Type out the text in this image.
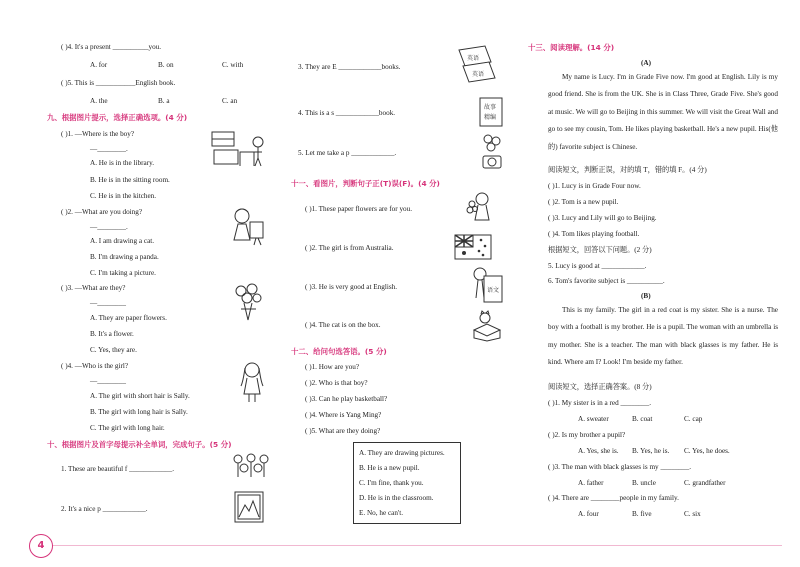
( )4. It's a present __________you.
A. for	B. on	C. with
( )5. This is ___________English book.
A. the	B. a	C. an
九、根据图片提示，选择正确选项。(4 分)
( )1. —Where is the boy?
—________.
A. He is in the library.
B. He is in the sitting room.
C. He is in the kitchen.
( )2. —What are you doing?
—________.
A. I am drawing a cat.
B. I'm drawing a panda.
C. I'm taking a picture.
( )3. —What are they?
—________
A. They are paper flowers.
B. It's a flower.
C. Yes, they are.
( )4. —Who is the girl?
—________
A. The girl with short hair is Sally.
B. The girl with long hair is Sally.
C. The girl with long hair.
十、根据图片及首字母提示补全单词，完成句子。(5 分)
1. These are beautiful f ____________.
2. It's a nice p ____________.
3. They are E ____________books.
4. This is a s ____________book.
5. Let me take a p ____________.
英语
英语
故事
精编
十一、看图片，判断句子正(T)误(F)。(4 分)
( )1. These paper flowers are for you.
( )2. The girl is from Australia.
( )3. He is very good at English.
( )4. The cat is on the box.
语文
十二、给问句选答语。(5 分)
( )1. How are you?
( )2. Who is that boy?
( )3. Can he play basketball?
( )4. Where is Yang Ming?
( )5. What are they doing?
A. They are drawing pictures.
B. He is a new pupil.
C. I'm fine, thank you.
D. He is in the classroom.
E. No, he can't.
十三、阅读理解。(14 分)
(A)
My name is Lucy. I'm in Grade Five now. I'm good at English. Lily is my good friend. She is from the UK. She is in Class Three, Grade Five. She's good at music. We will go to Beijing in this summer. We will visit the Great Wall and go to see my cousin, Tom. He likes playing basketball. He's a new pupil. His(他的) favorite subject is Chinese.
阅读短文，判断正误，对的填 T，错的填 F。(4 分)
( )1. Lucy is in Grade Four now.
( )2. Tom is a new pupil.
( )3. Lucy and Lily will go to Beijing.
( )4. Tom likes playing football.
根据短文，回答以下问题。(2 分)
5. Lucy is good at ____________.
6. Tom's favorite subject is __________.
(B)
This is my family. The girl in a red coat is my sister. She is a nurse. The boy with a football is my brother. He is a pupil. The woman with an umbrella is my mother. She is a teacher. The man with black glasses is my father. He is kind. Where am I? Look! I'm beside my father.
阅读短文，选择正确答案。(8 分)
( )1. My sister is in a red ________.
A. sweater	B. coat	C. cap
( )2. Is my brother a pupil?
A. Yes, she is. B. Yes, he is. C. Yes, he does.
( )3. The man with black glasses is my ________.
A. father	B. uncle	C. grandfather
( )4. There are ________people in my family.
A. four	B. five	C. six
4
